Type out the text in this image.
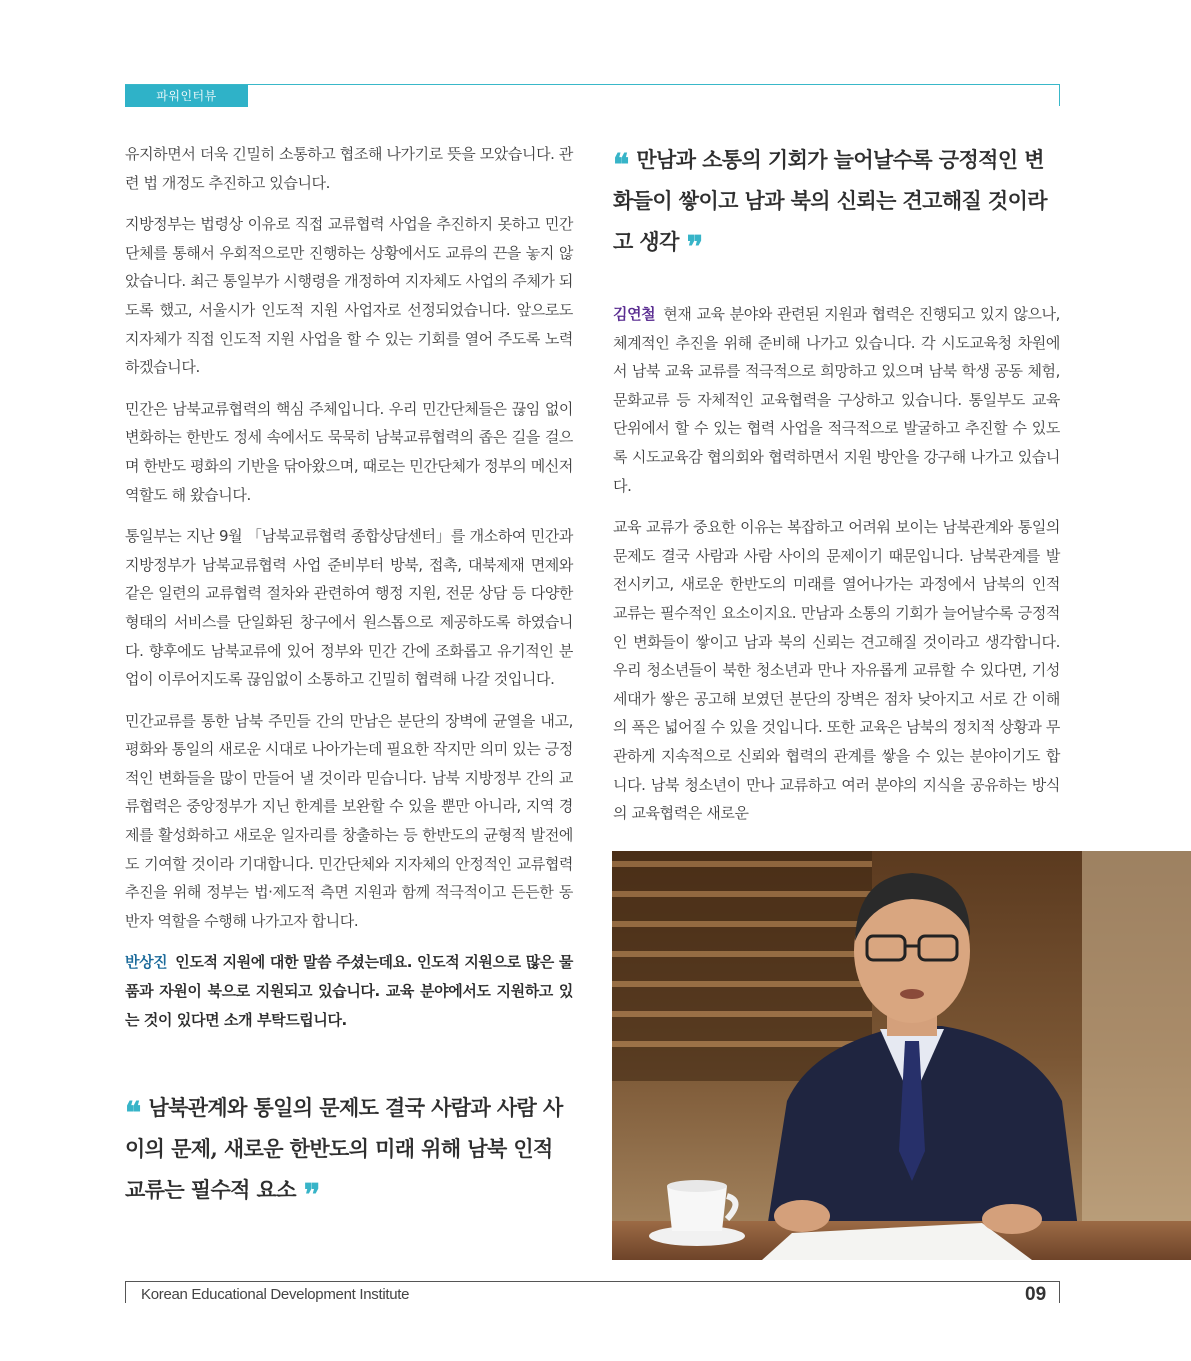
파워인터뷰

유지하면서 더욱 긴밀히 소통하고 협조해 나가기로 뜻을 모았습니다. 관련 법 개정도 추진하고 있습니다.

지방정부는 법령상 이유로 직접 교류협력 사업을 추진하지 못하고 민간단체를 통해서 우회적으로만 진행하는 상황에서도 교류의 끈을 놓지 않았습니다. 최근 통일부가 시행령을 개정하여 지자체도 사업의 주체가 되도록 했고, 서울시가 인도적 지원 사업자로 선정되었습니다. 앞으로도 지자체가 직접 인도적 지원 사업을 할 수 있는 기회를 열어 주도록 노력하겠습니다.

민간은 남북교류협력의 핵심 주체입니다. 우리 민간단체들은 끊임 없이 변화하는 한반도 정세 속에서도 묵묵히 남북교류협력의 좁은 길을 걸으며 한반도 평화의 기반을 닦아왔으며, 때로는 민간단체가 정부의 메신저 역할도 해 왔습니다.

통일부는 지난 9월 「남북교류협력 종합상담센터」를 개소하여 민간과 지방정부가 남북교류협력 사업 준비부터 방북, 접촉, 대북제재 면제와 같은 일련의 교류협력 절차와 관련하여 행정 지원, 전문 상담 등 다양한 형태의 서비스를 단일화된 창구에서 원스톱으로 제공하도록 하였습니다. 향후에도 남북교류에 있어 정부와 민간 간에 조화롭고 유기적인 분업이 이루어지도록 끊임없이 소통하고 긴밀히 협력해 나갈 것입니다.

민간교류를 통한 남북 주민들 간의 만남은 분단의 장벽에 균열을 내고, 평화와 통일의 새로운 시대로 나아가는데 필요한 작지만 의미 있는 긍정적인 변화들을 많이 만들어 낼 것이라 믿습니다. 남북 지방정부 간의 교류협력은 중앙정부가 지닌 한계를 보완할 수 있을 뿐만 아니라, 지역 경제를 활성화하고 새로운 일자리를 창출하는 등 한반도의 균형적 발전에도 기여할 것이라 기대합니다. 민간단체와 지자체의 안정적인 교류협력 추진을 위해 정부는 법·제도적 측면 지원과 함께 적극적이고 든든한 동반자 역할을 수행해 나가고자 합니다.

반상진 인도적 지원에 대한 말씀 주셨는데요. 인도적 지원으로 많은 물품과 자원이 북으로 지원되고 있습니다. 교육 분야에서도 지원하고 있는 것이 있다면 소개 부탁드립니다.

❛❛ 남북관계와 통일의 문제도 결국 사람과 사람 사이의 문제, 새로운 한반도의 미래 위해 남북 인적 교류는 필수적 요소 ❜❜
❛❛ 만남과 소통의 기회가 늘어날수록 긍정적인 변화들이 쌓이고 남과 북의 신뢰는 견고해질 것이라고 생각 ❜❜

김연철 현재 교육 분야와 관련된 지원과 협력은 진행되고 있지 않으나, 체계적인 추진을 위해 준비해 나가고 있습니다. 각 시도교육청 차원에서 남북 교육 교류를 적극적으로 희망하고 있으며 남북 학생 공동 체험, 문화교류 등 자체적인 교육협력을 구상하고 있습니다. 통일부도 교육 단위에서 할 수 있는 협력 사업을 적극적으로 발굴하고 추진할 수 있도록 시도교육감 협의회와 협력하면서 지원 방안을 강구해 나가고 있습니다.

교육 교류가 중요한 이유는 복잡하고 어려워 보이는 남북관계와 통일의 문제도 결국 사람과 사람 사이의 문제이기 때문입니다. 남북관계를 발전시키고, 새로운 한반도의 미래를 열어나가는 과정에서 남북의 인적 교류는 필수적인 요소이지요. 만남과 소통의 기회가 늘어날수록 긍정적인 변화들이 쌓이고 남과 북의 신뢰는 견고해질 것이라고 생각합니다. 우리 청소년들이 북한 청소년과 만나 자유롭게 교류할 수 있다면, 기성세대가 쌓은 공고해 보였던 분단의 장벽은 점차 낮아지고 서로 간 이해의 폭은 넓어질 수 있을 것입니다. 또한 교육은 남북의 정치적 상황과 무관하게 지속적으로 신뢰와 협력의 관계를 쌓을 수 있는 분야이기도 합니다. 남북 청소년이 만나 교류하고 여러 분야의 지식을 공유하는 방식의 교육협력은 새로운

Korean Educational Development Institute	09
